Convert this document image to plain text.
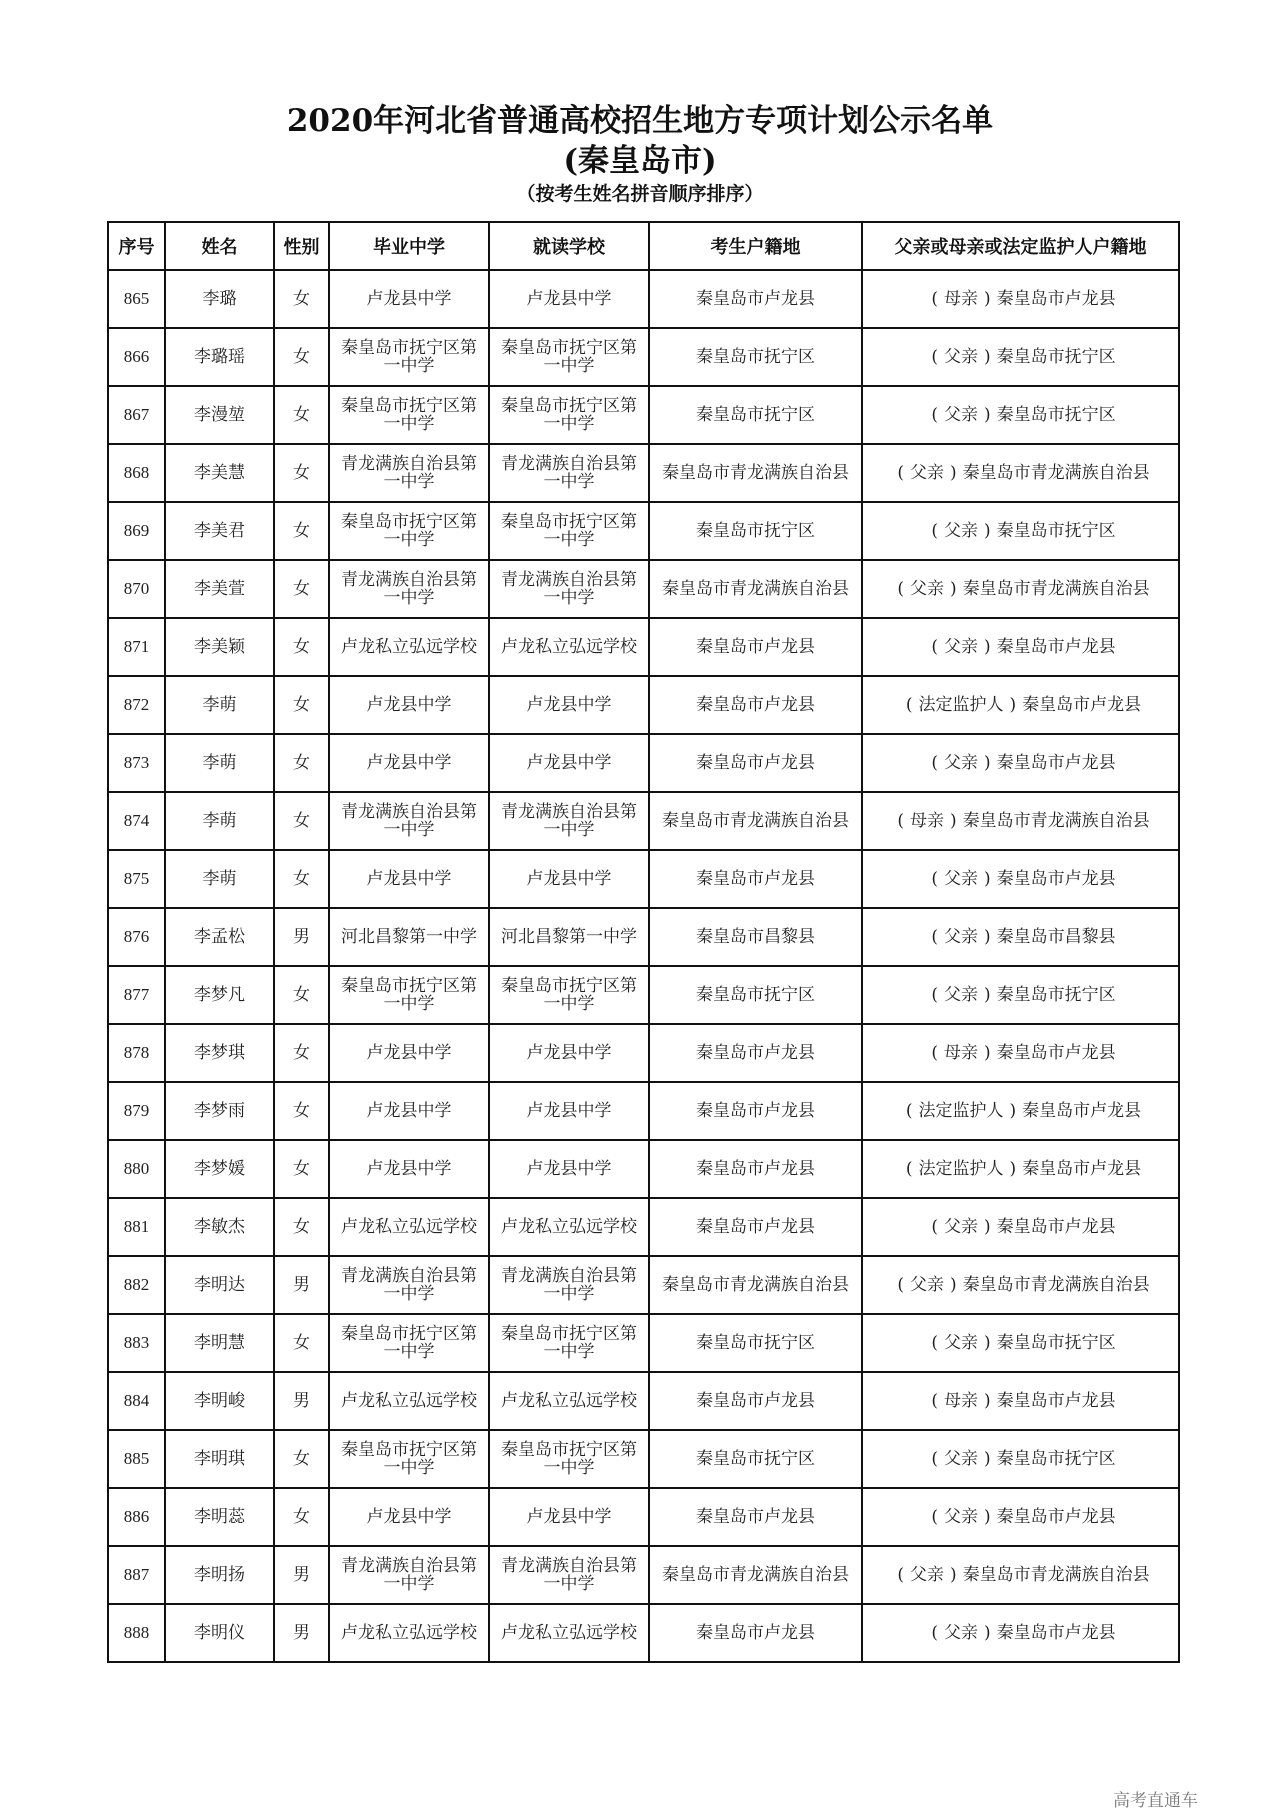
2020年河北省普通高校招生地方专项计划公示名单
(秦皇岛市)
（按考生姓名拼音顺序排序）
序号	姓名	性别	毕业中学	就读学校	考生户籍地	父亲或母亲或法定监护人户籍地
865	李璐	女	卢龙县中学	卢龙县中学	秦皇岛市卢龙县	( 母亲 ) 秦皇岛市卢龙县
866	李璐瑶	女	秦皇岛市抚宁区第一中学	秦皇岛市抚宁区第一中学	秦皇岛市抚宁区	( 父亲 ) 秦皇岛市抚宁区
867	李漫堃	女	秦皇岛市抚宁区第一中学	秦皇岛市抚宁区第一中学	秦皇岛市抚宁区	( 父亲 ) 秦皇岛市抚宁区
868	李美慧	女	青龙满族自治县第一中学	青龙满族自治县第一中学	秦皇岛市青龙满族自治县	( 父亲 ) 秦皇岛市青龙满族自治县
869	李美君	女	秦皇岛市抚宁区第一中学	秦皇岛市抚宁区第一中学	秦皇岛市抚宁区	( 父亲 ) 秦皇岛市抚宁区
870	李美萱	女	青龙满族自治县第一中学	青龙满族自治县第一中学	秦皇岛市青龙满族自治县	( 父亲 ) 秦皇岛市青龙满族自治县
871	李美颖	女	卢龙私立弘远学校	卢龙私立弘远学校	秦皇岛市卢龙县	( 父亲 ) 秦皇岛市卢龙县
872	李萌	女	卢龙县中学	卢龙县中学	秦皇岛市卢龙县	( 法定监护人 ) 秦皇岛市卢龙县
873	李萌	女	卢龙县中学	卢龙县中学	秦皇岛市卢龙县	( 父亲 ) 秦皇岛市卢龙县
874	李萌	女	青龙满族自治县第一中学	青龙满族自治县第一中学	秦皇岛市青龙满族自治县	( 母亲 ) 秦皇岛市青龙满族自治县
875	李萌	女	卢龙县中学	卢龙县中学	秦皇岛市卢龙县	( 父亲 ) 秦皇岛市卢龙县
876	李孟松	男	河北昌黎第一中学	河北昌黎第一中学	秦皇岛市昌黎县	( 父亲 ) 秦皇岛市昌黎县
877	李梦凡	女	秦皇岛市抚宁区第一中学	秦皇岛市抚宁区第一中学	秦皇岛市抚宁区	( 父亲 ) 秦皇岛市抚宁区
878	李梦琪	女	卢龙县中学	卢龙县中学	秦皇岛市卢龙县	( 母亲 ) 秦皇岛市卢龙县
879	李梦雨	女	卢龙县中学	卢龙县中学	秦皇岛市卢龙县	( 法定监护人 ) 秦皇岛市卢龙县
880	李梦媛	女	卢龙县中学	卢龙县中学	秦皇岛市卢龙县	( 法定监护人 ) 秦皇岛市卢龙县
881	李敏杰	女	卢龙私立弘远学校	卢龙私立弘远学校	秦皇岛市卢龙县	( 父亲 ) 秦皇岛市卢龙县
882	李明达	男	青龙满族自治县第一中学	青龙满族自治县第一中学	秦皇岛市青龙满族自治县	( 父亲 ) 秦皇岛市青龙满族自治县
883	李明慧	女	秦皇岛市抚宁区第一中学	秦皇岛市抚宁区第一中学	秦皇岛市抚宁区	( 父亲 ) 秦皇岛市抚宁区
884	李明峻	男	卢龙私立弘远学校	卢龙私立弘远学校	秦皇岛市卢龙县	( 母亲 ) 秦皇岛市卢龙县
885	李明琪	女	秦皇岛市抚宁区第一中学	秦皇岛市抚宁区第一中学	秦皇岛市抚宁区	( 父亲 ) 秦皇岛市抚宁区
886	李明蕊	女	卢龙县中学	卢龙县中学	秦皇岛市卢龙县	( 父亲 ) 秦皇岛市卢龙县
887	李明扬	男	青龙满族自治县第一中学	青龙满族自治县第一中学	秦皇岛市青龙满族自治县	( 父亲 ) 秦皇岛市青龙满族自治县
888	李明仪	男	卢龙私立弘远学校	卢龙私立弘远学校	秦皇岛市卢龙县	( 父亲 ) 秦皇岛市卢龙县
高考直通车
